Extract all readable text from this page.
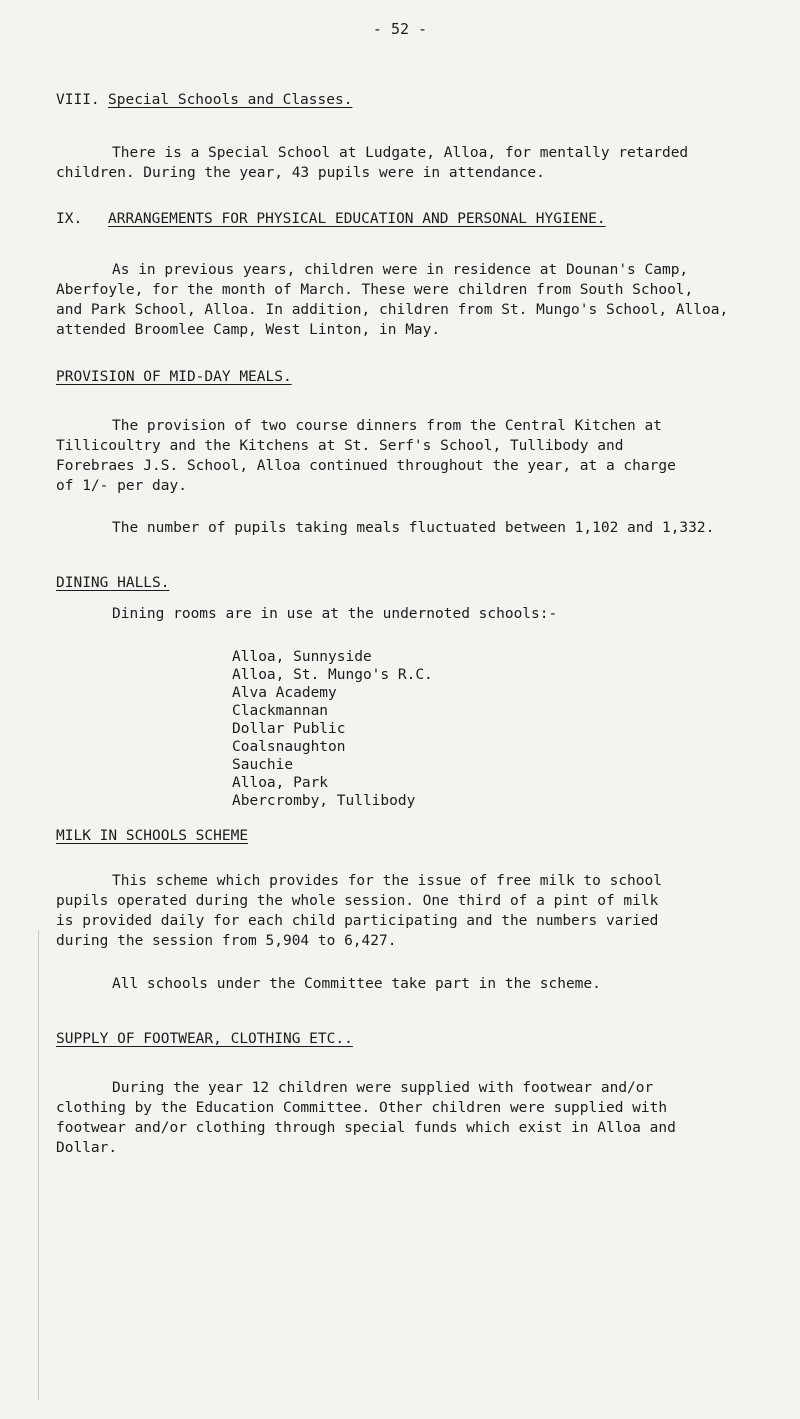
- 52 -
VIII. Special Schools and Classes.
There is a Special School at Ludgate, Alloa, for mentally retarded
children. During the year, 43 pupils were in attendance.
IX. ARRANGEMENTS FOR PHYSICAL EDUCATION AND PERSONAL HYGIENE.
As in previous years, children were in residence at Dounan's Camp,
Aberfoyle, for the month of March. These were children from South School,
and Park School, Alloa. In addition, children from St. Mungo's School, Alloa,
attended Broomlee Camp, West Linton, in May.
PROVISION OF MID-DAY MEALS.
The provision of two course dinners from the Central Kitchen at
Tillicoultry and the Kitchens at St. Serf's School, Tullibody and
Forebraes J.S. School, Alloa continued throughout the year, at a charge
of 1/- per day.
The number of pupils taking meals fluctuated between 1,102 and 1,332.
DINING HALLS.
Dining rooms are in use at the undernoted schools:-
Alloa, Sunnyside
Alloa, St. Mungo's R.C.
Alva Academy
Clackmannan
Dollar Public
Coalsnaughton
Sauchie
Alloa, Park
Abercromby, Tullibody
MILK IN SCHOOLS SCHEME
This scheme which provides for the issue of free milk to school
pupils operated during the whole session. One third of a pint of milk
is provided daily for each child participating and the numbers varied
during the session from 5,904 to 6,427.
All schools under the Committee take part in the scheme.
SUPPLY OF FOOTWEAR, CLOTHING ETC..
During the year 12 children were supplied with footwear and/or
clothing by the Education Committee. Other children were supplied with
footwear and/or clothing through special funds which exist in Alloa and
Dollar.
